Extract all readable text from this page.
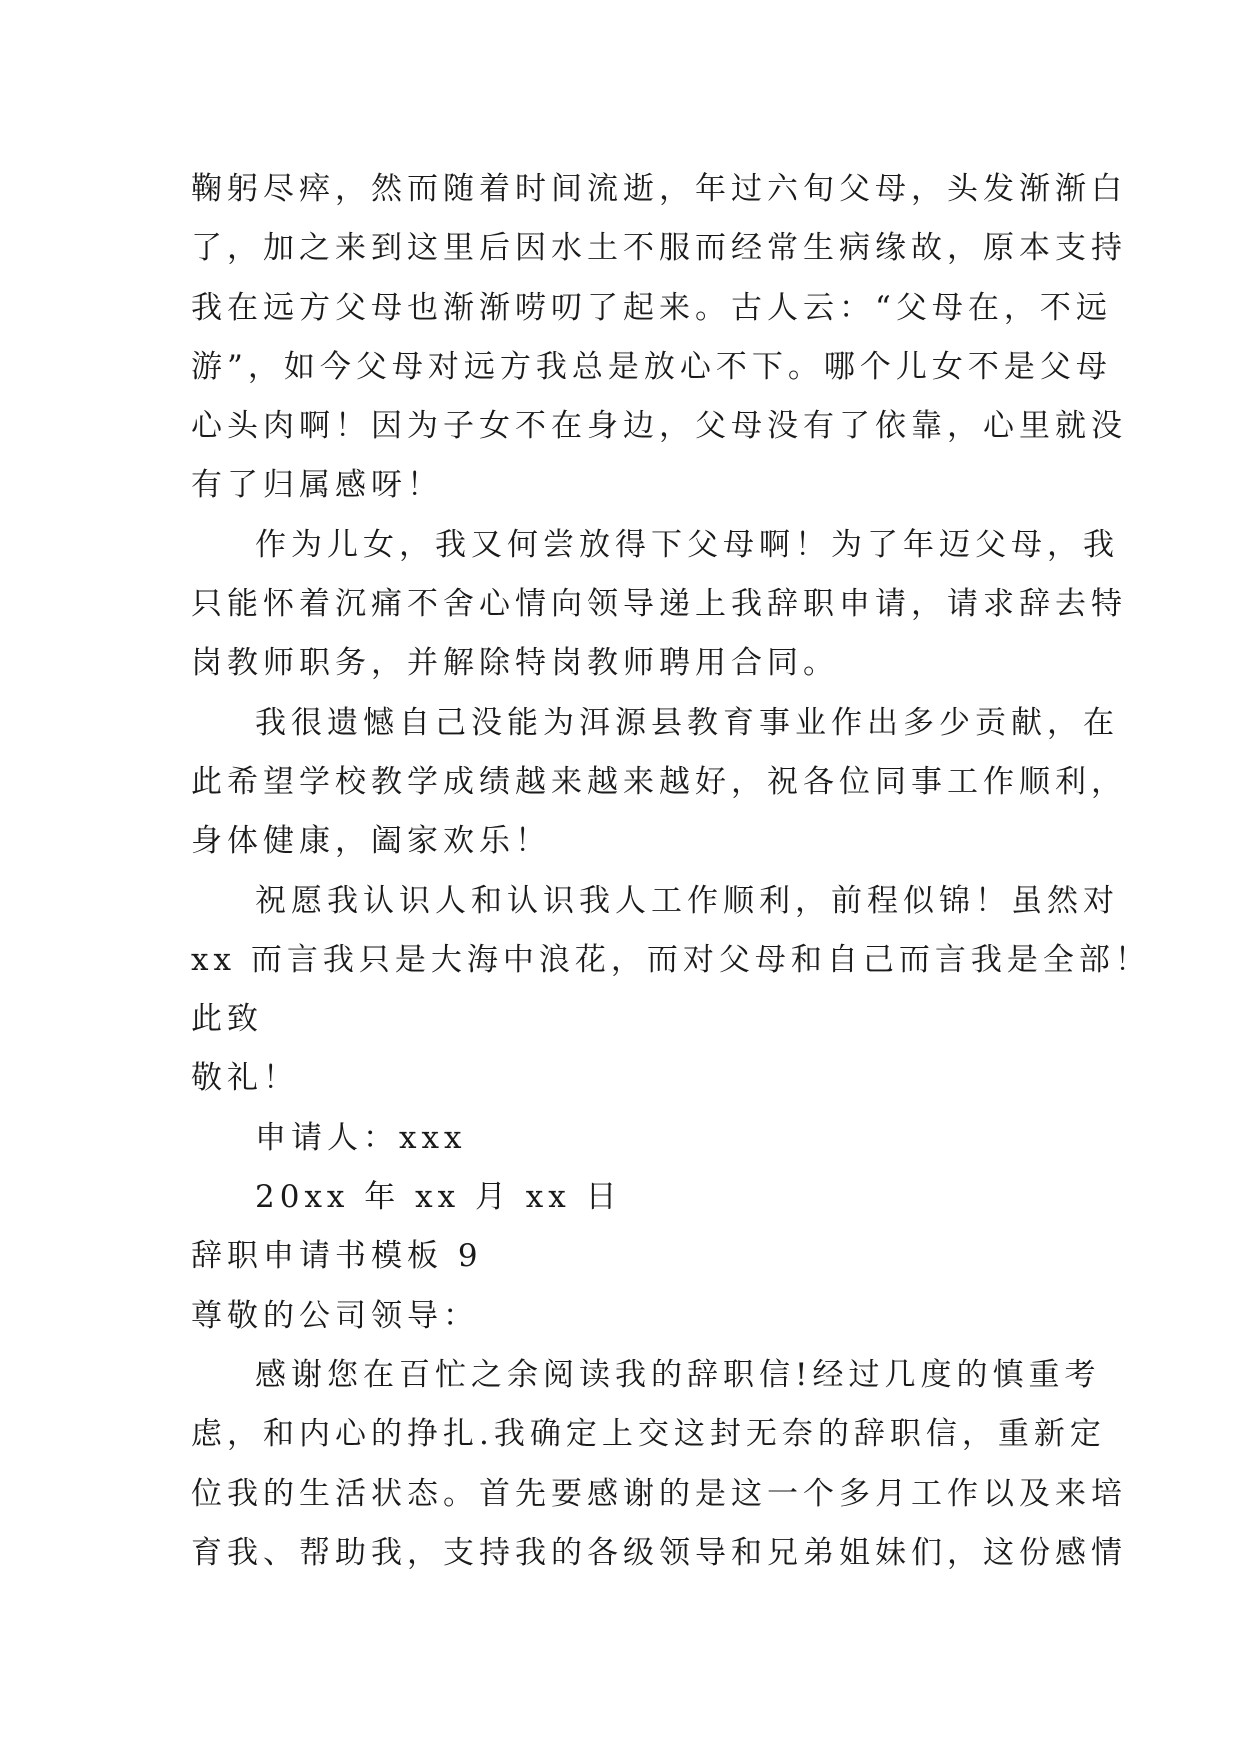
鞠躬尽瘁，然而随着时间流逝，年过六旬父母，头发渐渐白
了，加之来到这里后因水土不服而经常生病缘故，原本支持
我在远方父母也渐渐唠叨了起来。古人云：“父母在，不远
游”，如今父母对远方我总是放心不下。哪个儿女不是父母
心头肉啊！因为子女不在身边，父母没有了依靠，心里就没
有了归属感呀！
作为儿女，我又何尝放得下父母啊！为了年迈父母，我
只能怀着沉痛不舍心情向领导递上我辞职申请，请求辞去特
岗教师职务，并解除特岗教师聘用合同。
我很遗憾自己没能为洱源县教育事业作出多少贡献，在
此希望学校教学成绩越来越来越好，祝各位同事工作顺利，
身体健康，阖家欢乐！
祝愿我认识人和认识我人工作顺利，前程似锦！虽然对
xx 而言我只是大海中浪花，而对父母和自己而言我是全部！
此致
敬礼！
申请人：xxx
20xx 年 xx 月 xx 日
辞职申请书模板 9
尊敬的公司领导：
感谢您在百忙之余阅读我的辞职信!经过几度的慎重考
虑，和内心的挣扎.我确定上交这封无奈的辞职信，重新定
位我的生活状态。首先要感谢的是这一个多月工作以及来培
育我、帮助我，支持我的各级领导和兄弟姐妹们，这份感情
